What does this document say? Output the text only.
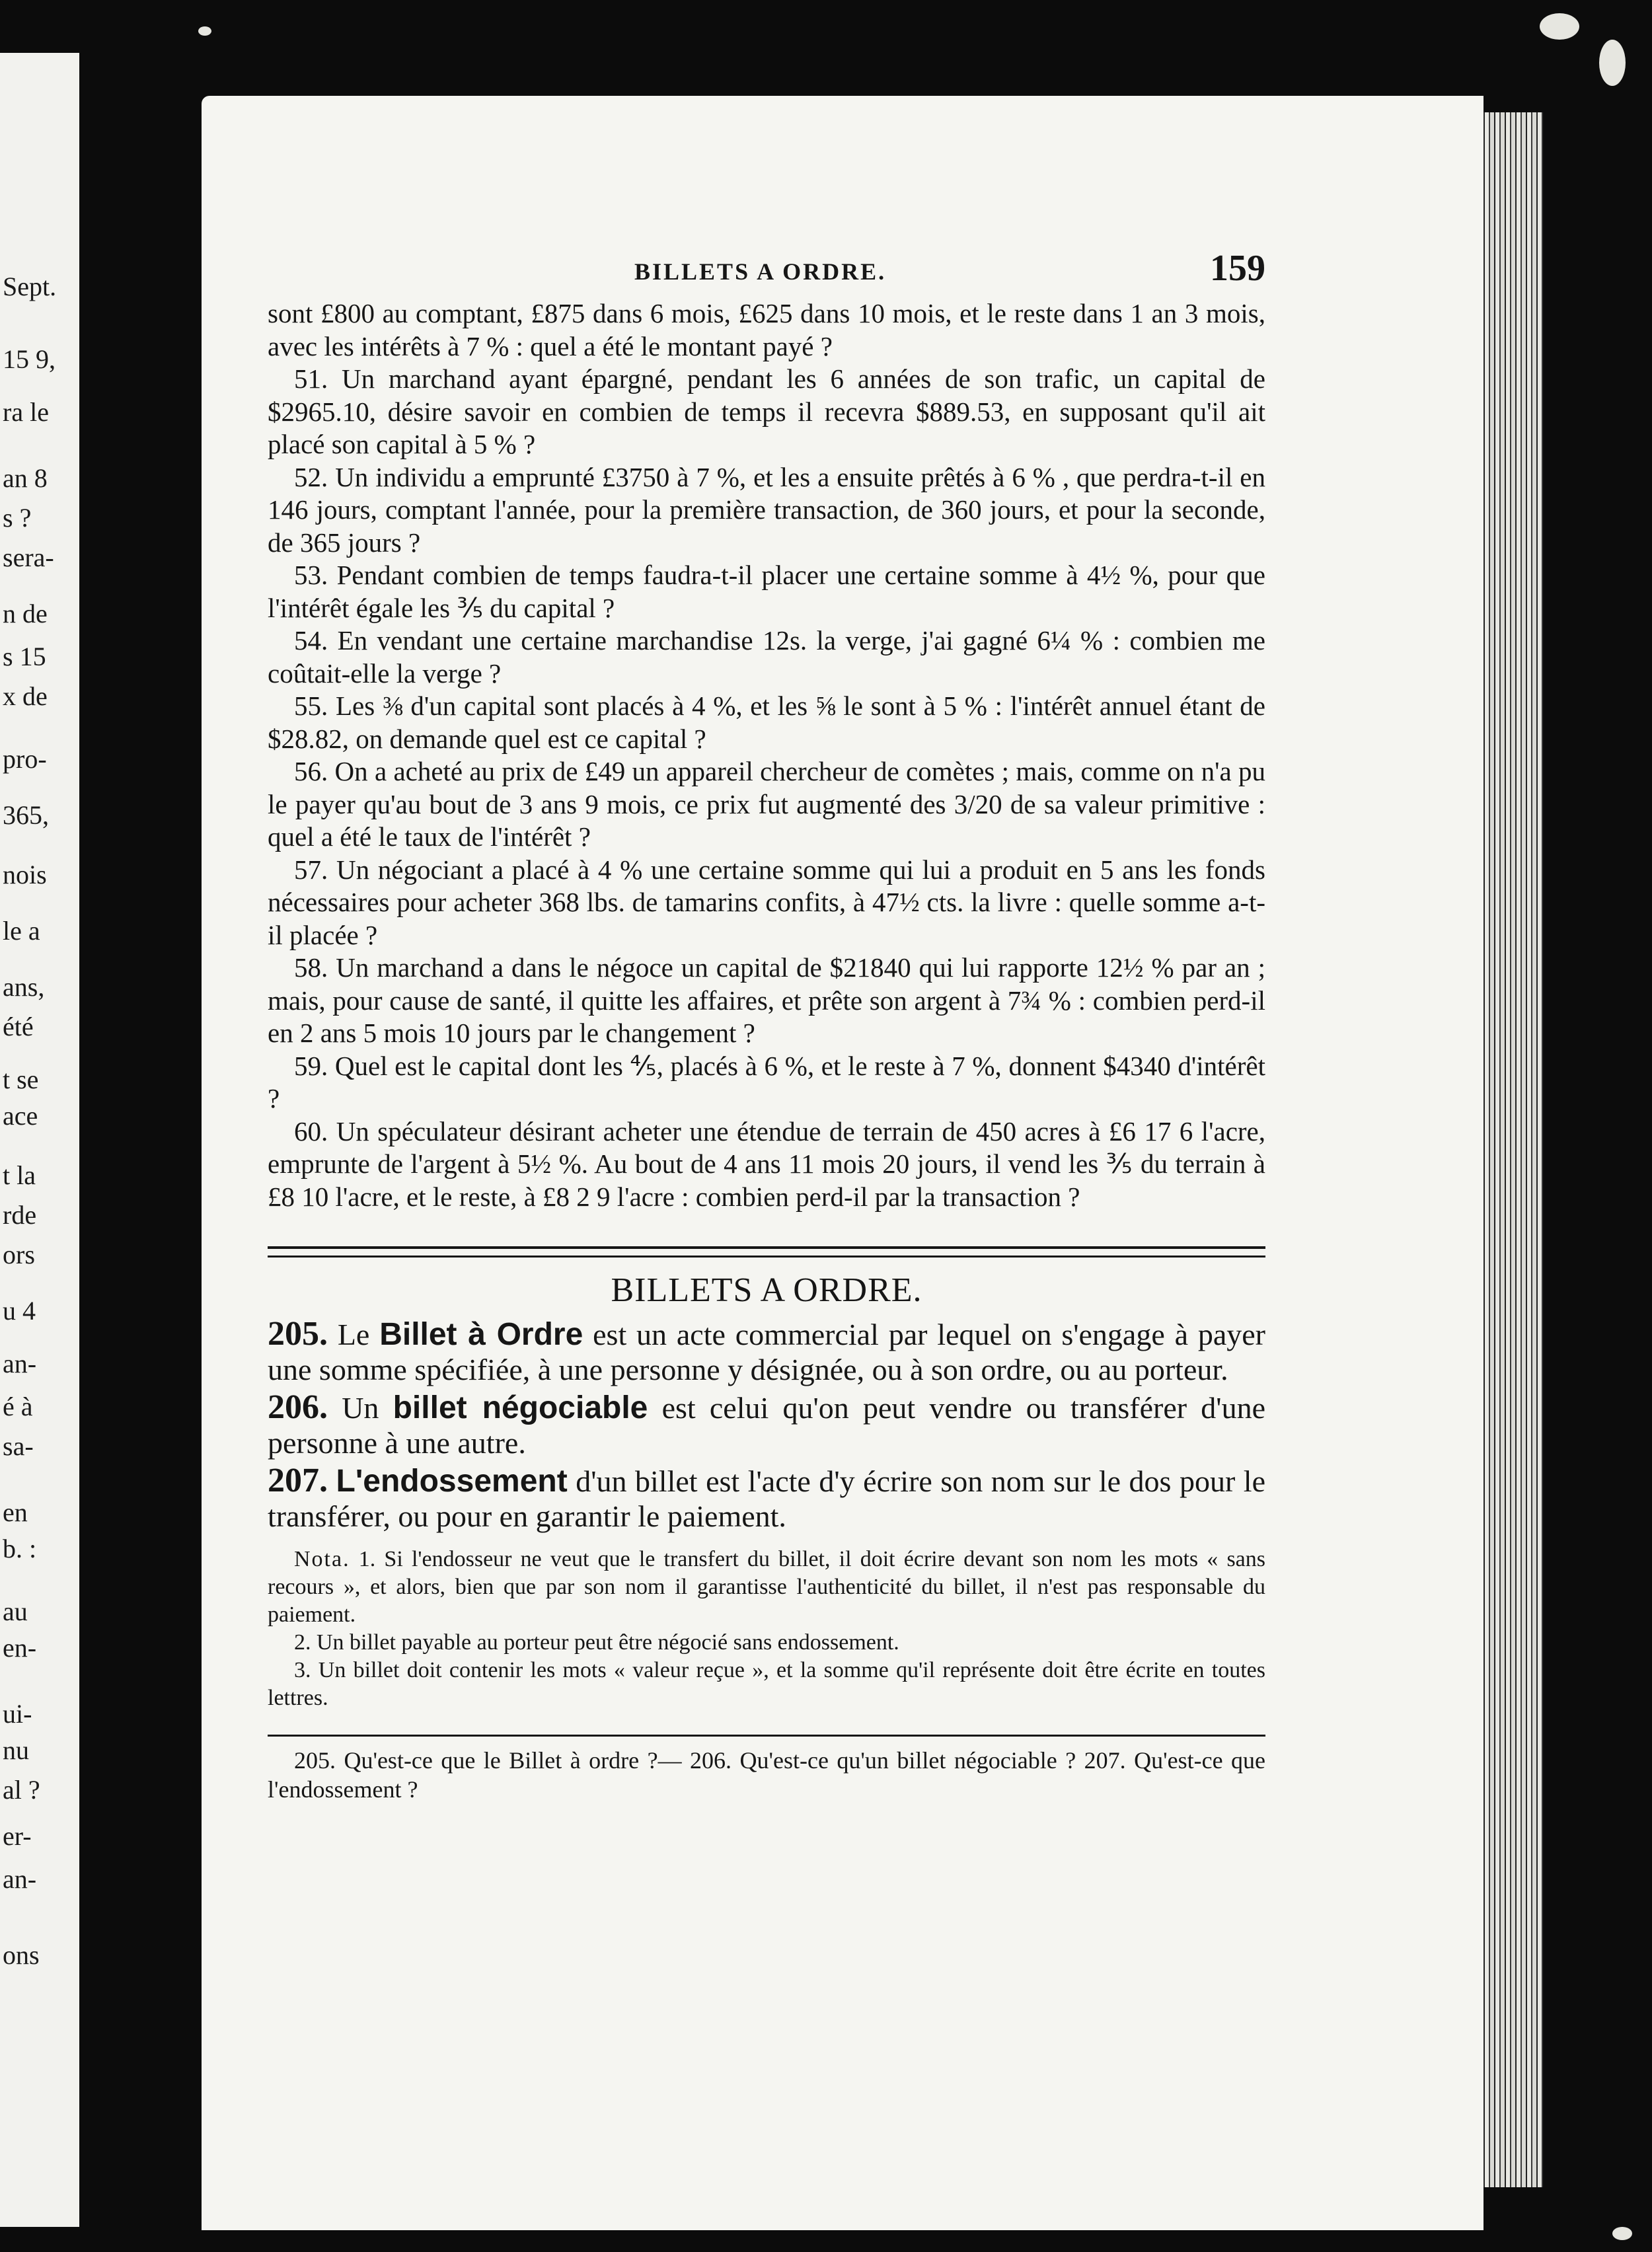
Sept.
15 9,
ra le
an 8
s ?
sera-
n de
s 15
x de
pro-
365,
nois
le a
ans,
été
t se
ace
t la
rde
ors
u 4
an-
é à
sa-
en
b. :
au
en-
ui-
nu
al ?
er-
an-
ons
BILLETS A ORDRE.	159

sont £800 au comptant, £875 dans 6 mois, £625 dans 10 mois, et le reste dans 1 an 3 mois, avec les intérêts à 7 % : quel a été le montant payé ?

51. Un marchand ayant épargné, pendant les 6 années de son trafic, un capital de $2965.10, désire savoir en combien de temps il recevra $889.53, en supposant qu'il ait placé son capital à 5 % ?

52. Un individu a emprunté £3750 à 7 %, et les a ensuite prêtés à 6 % , que perdra-t-il en 146 jours, comptant l'année, pour la première transaction, de 360 jours, et pour la seconde, de 365 jours ?

53. Pendant combien de temps faudra-t-il placer une certaine somme à 4½ %, pour que l'intérêt égale les ⅗ du capital ?

54. En vendant une certaine marchandise 12s. la verge, j'ai gagné 6¼ % : combien me coûtait-elle la verge ?

55. Les ⅜ d'un capital sont placés à 4 %, et les ⅝ le sont à 5 % : l'intérêt annuel étant de $28.82, on demande quel est ce capital ?

56. On a acheté au prix de £49 un appareil chercheur de comètes ; mais, comme on n'a pu le payer qu'au bout de 3 ans 9 mois, ce prix fut augmenté des 3/20 de sa valeur primitive : quel a été le taux de l'intérêt ?

57. Un négociant a placé à 4 % une certaine somme qui lui a produit en 5 ans les fonds nécessaires pour acheter 368 lbs. de tamarins confits, à 47½ cts. la livre : quelle somme a-t-il placée ?

58. Un marchand a dans le négoce un capital de $21840 qui lui rapporte 12½ % par an ; mais, pour cause de santé, il quitte les affaires, et prête son argent à 7¾ % : combien perd-il en 2 ans 5 mois 10 jours par le changement ?

59. Quel est le capital dont les ⅘, placés à 6 %, et le reste à 7 %, donnent $4340 d'intérêt ?

60. Un spéculateur désirant acheter une étendue de terrain de 450 acres à £6 17 6 l'acre, emprunte de l'argent à 5½ %. Au bout de 4 ans 11 mois 20 jours, il vend les ⅗ du terrain à £8 10 l'acre, et le reste, à £8 2 9 l'acre : combien perd-il par la transaction ?

BILLETS A ORDRE.

205. Le Billet à Ordre est un acte commercial par lequel on s'engage à payer une somme spécifiée, à une personne y désignée, ou à son ordre, ou au porteur.

206. Un billet négociable est celui qu'on peut vendre ou transférer d'une personne à une autre.

207. L'endossement d'un billet est l'acte d'y écrire son nom sur le dos pour le transférer, ou pour en garantir le paiement.

Nota. 1. Si l'endosseur ne veut que le transfert du billet, il doit écrire devant son nom les mots « sans recours », et alors, bien que par son nom il garantisse l'authenticité du billet, il n'est pas responsable du paiement.

2. Un billet payable au porteur peut être négocié sans endossement.

3. Un billet doit contenir les mots « valeur reçue », et la somme qu'il représente doit être écrite en toutes lettres.

205. Qu'est-ce que le Billet à ordre ?— 206. Qu'est-ce qu'un billet négociable ? 207. Qu'est-ce que l'endossement ?
